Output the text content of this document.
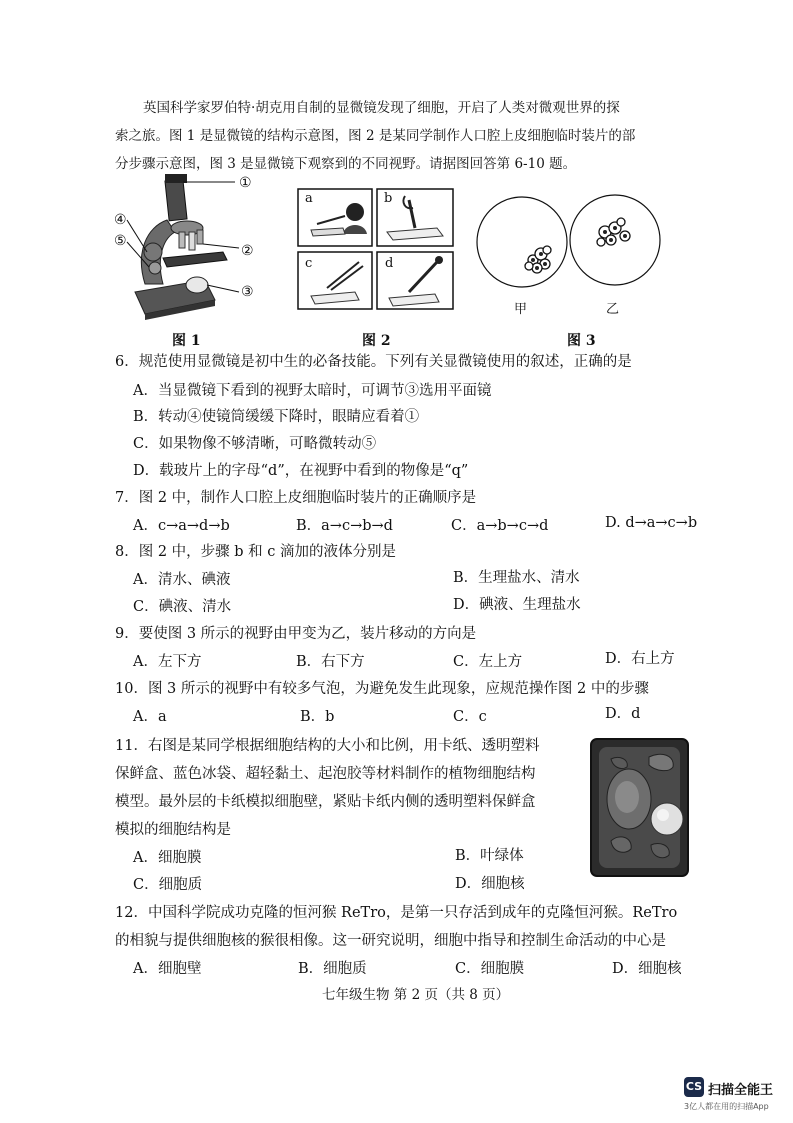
英国科学家罗伯特·胡克用自制的显微镜发现了细胞，开启了人类对微观世界的探
索之旅。图 1 是显微镜的结构示意图，图 2 是某同学制作人口腔上皮细胞临时装片的部
分步骤示意图，图 3 是显微镜下观察到的不同视野。请据图回答第 6-10 题。
①
②
③
④
⑤
图 1
a	b
c	d
图 2
甲	乙
图 3
6．规范使用显微镜是初中生的必备技能。下列有关显微镜使用的叙述，正确的是
A．当显微镜下看到的视野太暗时，可调节③选用平面镜
B．转动④使镜筒缓缓下降时，眼睛应看着①
C．如果物像不够清晰，可略微转动⑤
D．载玻片上的字母“d”，在视野中看到的物像是“q”
7．图 2 中，制作人口腔上皮细胞临时装片的正确顺序是
A．c→a→d→b	B．a→c→b→d	C．a→b→c→d	D. d→a→c→b
8．图 2 中，步骤 b 和 c 滴加的液体分别是
A．清水、碘液	B．生理盐水、清水
C．碘液、清水	D．碘液、生理盐水
9．要使图 3 所示的视野由甲变为乙，装片移动的方向是
A．左下方	B．右下方	C．左上方	D．右上方
10．图 3 所示的视野中有较多气泡，为避免发生此现象，应规范操作图 2 中的步骤
A．a	B．b	C．c	D．d
11．右图是某同学根据细胞结构的大小和比例，用卡纸、透明塑料
保鲜盒、蓝色冰袋、超轻黏土、起泡胶等材料制作的植物细胞结构
模型。最外层的卡纸模拟细胞壁，紧贴卡纸内侧的透明塑料保鲜盒
模拟的细胞结构是
A．细胞膜	B．叶绿体
C．细胞质	D．细胞核
12．中国科学院成功克隆的恒河猴 ReTro，是第一只存活到成年的克隆恒河猴。ReTro
的相貌与提供细胞核的猴很相像。这一研究说明，细胞中指导和控制生命活动的中心是
A．细胞壁	B．细胞质	C．细胞膜	D．细胞核
七年级生物 第 2 页（共 8 页）
CS 扫描全能王
3亿人都在用的扫描App
